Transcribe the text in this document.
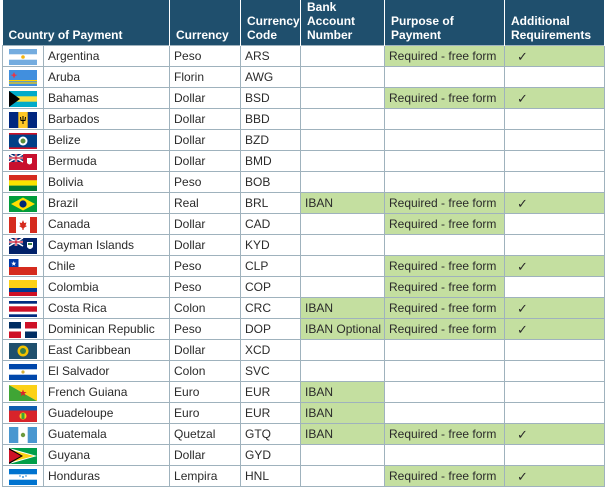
Country of Payment		Currency	Currency Code	Bank Account Number	Purpose of Payment	Additional Requirements

	Argentina	Peso	ARS		Required - free form	✓

	Aruba	Florin	AWG			

	Bahamas	Dollar	BSD		Required - free form	✓

	Barbados	Dollar	BBD			

	Belize	Dollar	BZD			

	Bermuda	Dollar	BMD			

	Bolivia	Peso	BOB			

	Brazil	Real	BRL	IBAN	Required - free form	✓

	Canada	Dollar	CAD		Required - free form	

	Cayman Islands	Dollar	KYD			

	Chile	Peso	CLP		Required - free form	✓

	Colombia	Peso	COP		Required - free form	

	Costa Rica	Colon	CRC	IBAN	Required - free form	✓

	Dominican Republic	Peso	DOP	IBAN Optional	Required - free form	✓

	East Caribbean	Dollar	XCD			

	El Salvador	Colon	SVC			

	French Guiana	Euro	EUR	IBAN		

	Guadeloupe	Euro	EUR	IBAN		

	Guatemala	Quetzal	GTQ	IBAN	Required - free form	✓

	Guyana	Dollar	GYD			

	Honduras	Lempira	HNL		Required - free form	✓
